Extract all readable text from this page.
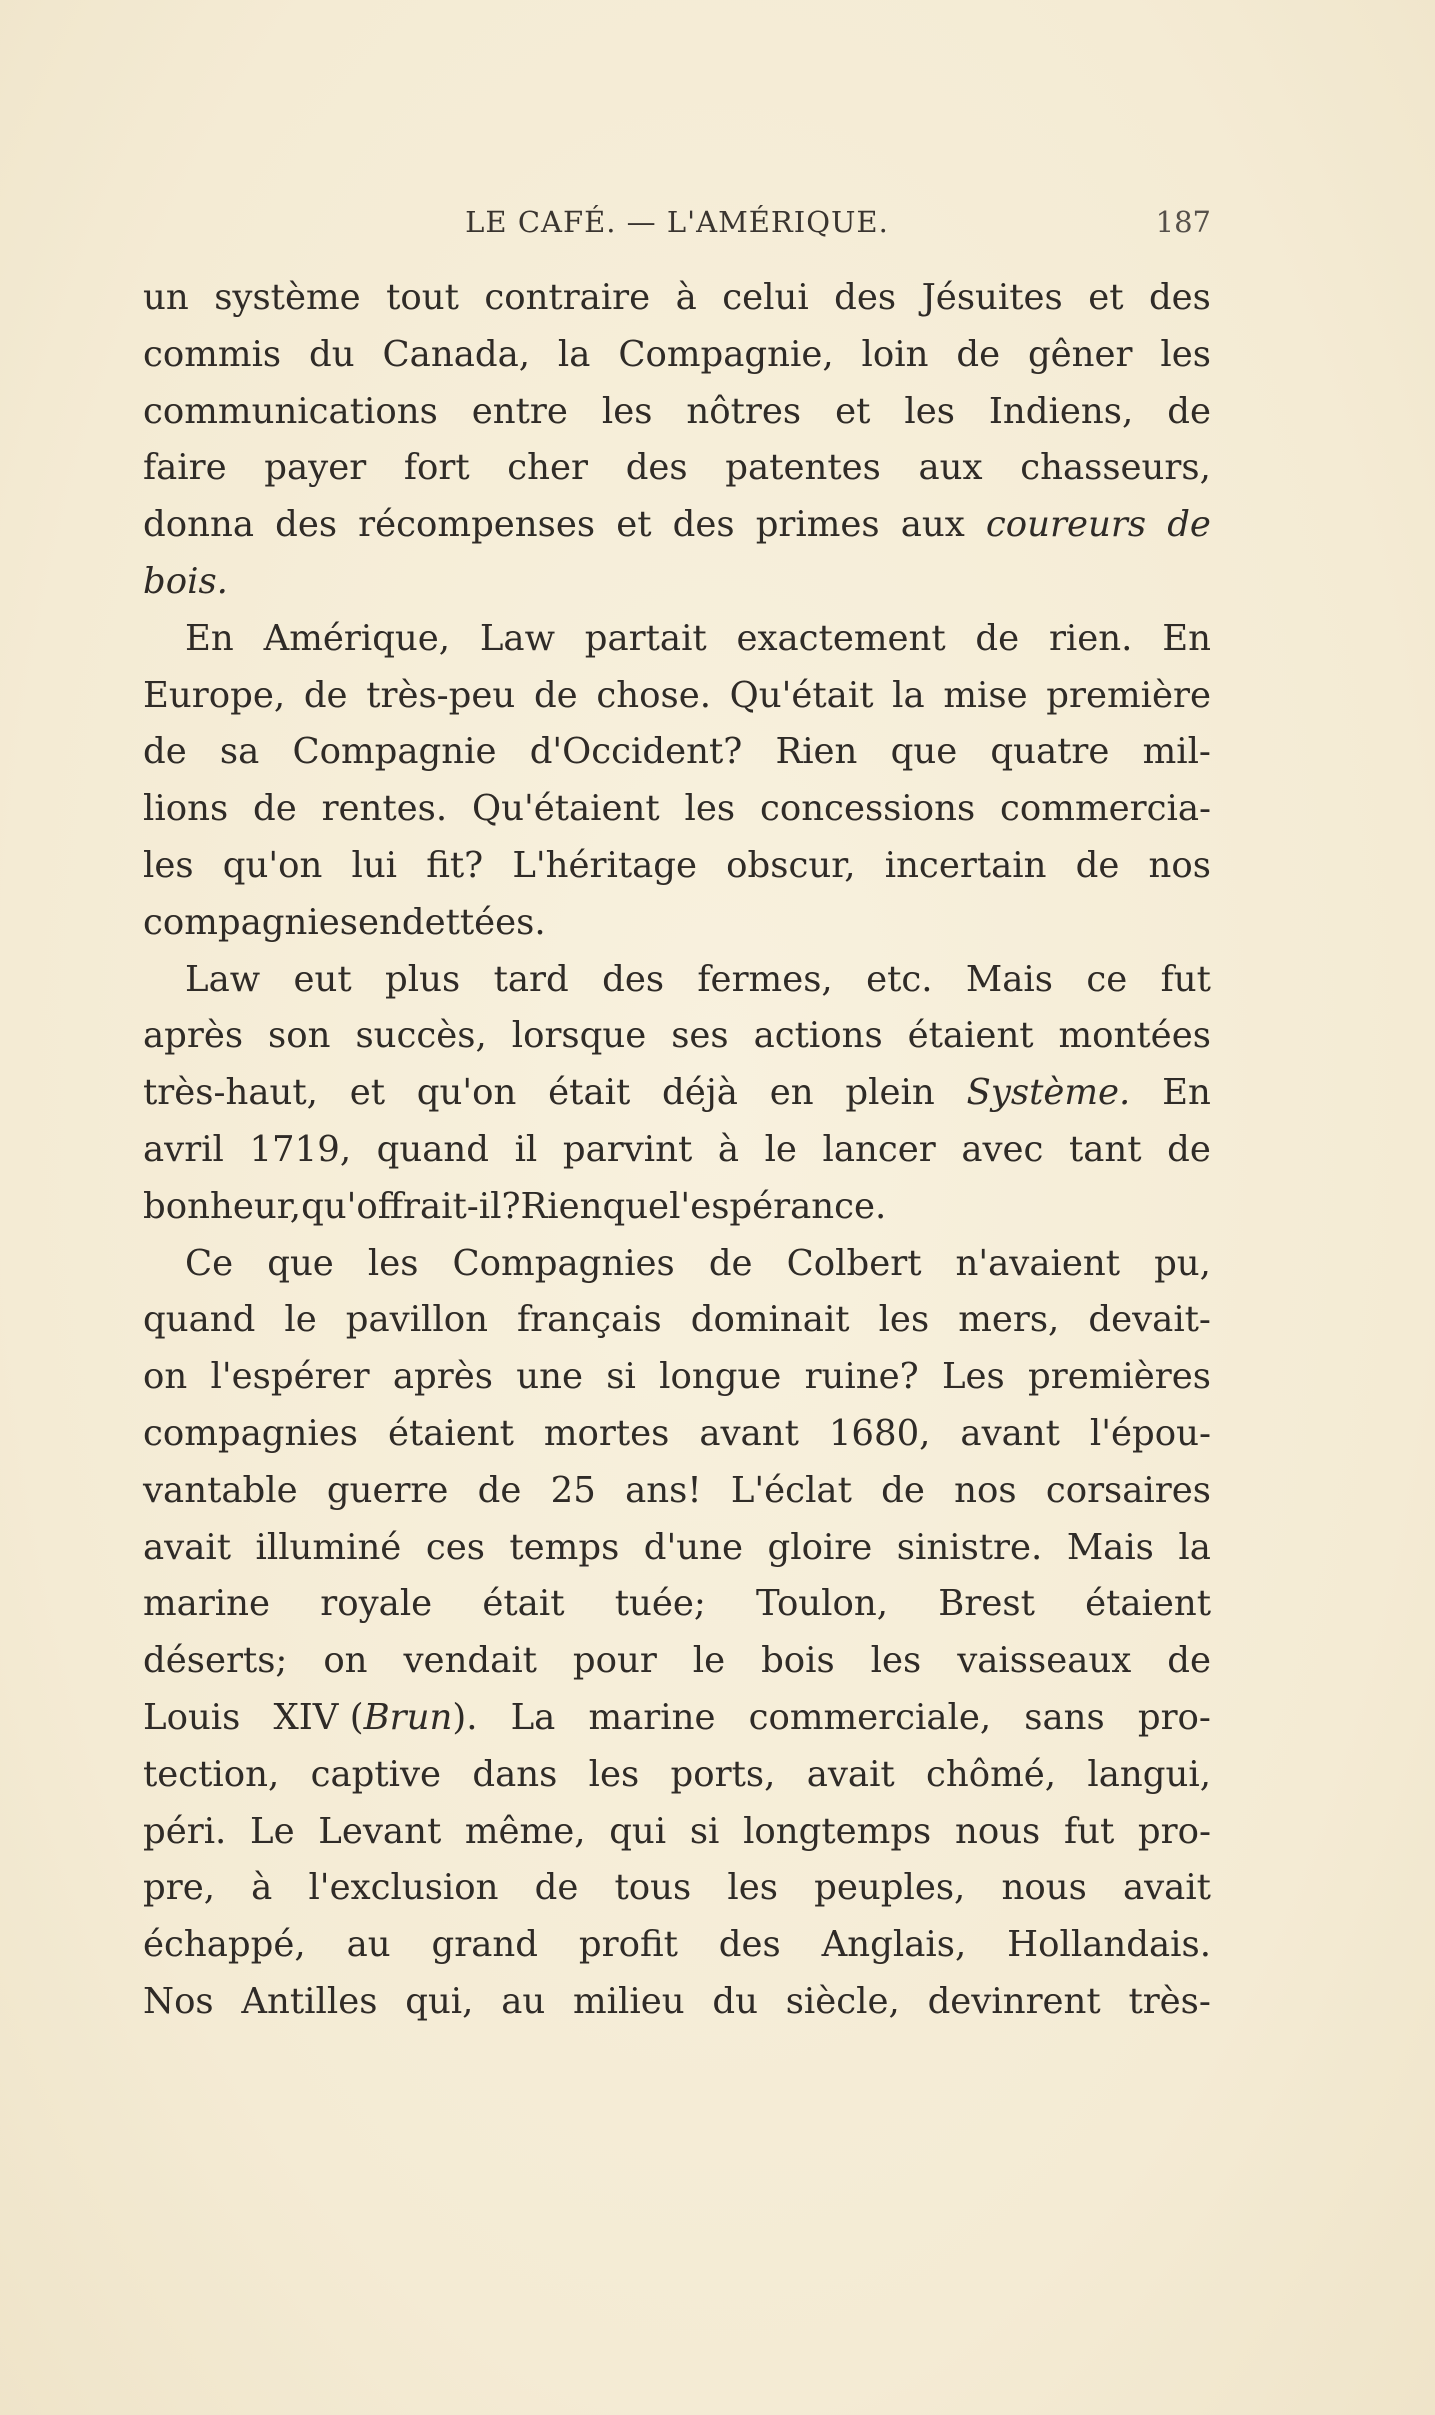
LE CAFÉ. — L'AMÉRIQUE.	187
un système tout contraire à celui des Jésuites et des
commis du Canada, la Compagnie, loin de gêner les
communications entre les nôtres et les Indiens, de
faire payer fort cher des patentes aux chasseurs,
donna des récompenses et des primes aux coureurs de
bois.
En Amérique, Law partait exactement de rien. En
Europe, de très-peu de chose. Qu'était la mise première
de sa Compagnie d'Occident? Rien que quatre mil-
lions de rentes. Qu'étaient les concessions commercia-
les qu'on lui fit? L'héritage obscur, incertain de nos
compagnies endettées.
Law eut plus tard des fermes, etc. Mais ce fut
après son succès, lorsque ses actions étaient montées
très-haut, et qu'on était déjà en plein Système. En
avril 1719, quand il parvint à le lancer avec tant de
bonheur, qu'offrait-il? Rien que l'espérance.
Ce que les Compagnies de Colbert n'avaient pu,
quand le pavillon français dominait les mers, devait-
on l'espérer après une si longue ruine? Les premières
compagnies étaient mortes avant 1680, avant l'épou-
vantable guerre de 25 ans! L'éclat de nos corsaires
avait illuminé ces temps d'une gloire sinistre. Mais la
marine royale était tuée; Toulon, Brest étaient
déserts; on vendait pour le bois les vaisseaux de
Louis XIV (Brun). La marine commerciale, sans pro-
tection, captive dans les ports, avait chômé, langui,
péri. Le Levant même, qui si longtemps nous fut pro-
pre, à l'exclusion de tous les peuples, nous avait
échappé, au grand profit des Anglais, Hollandais.
Nos Antilles qui, au milieu du siècle, devinrent très-
